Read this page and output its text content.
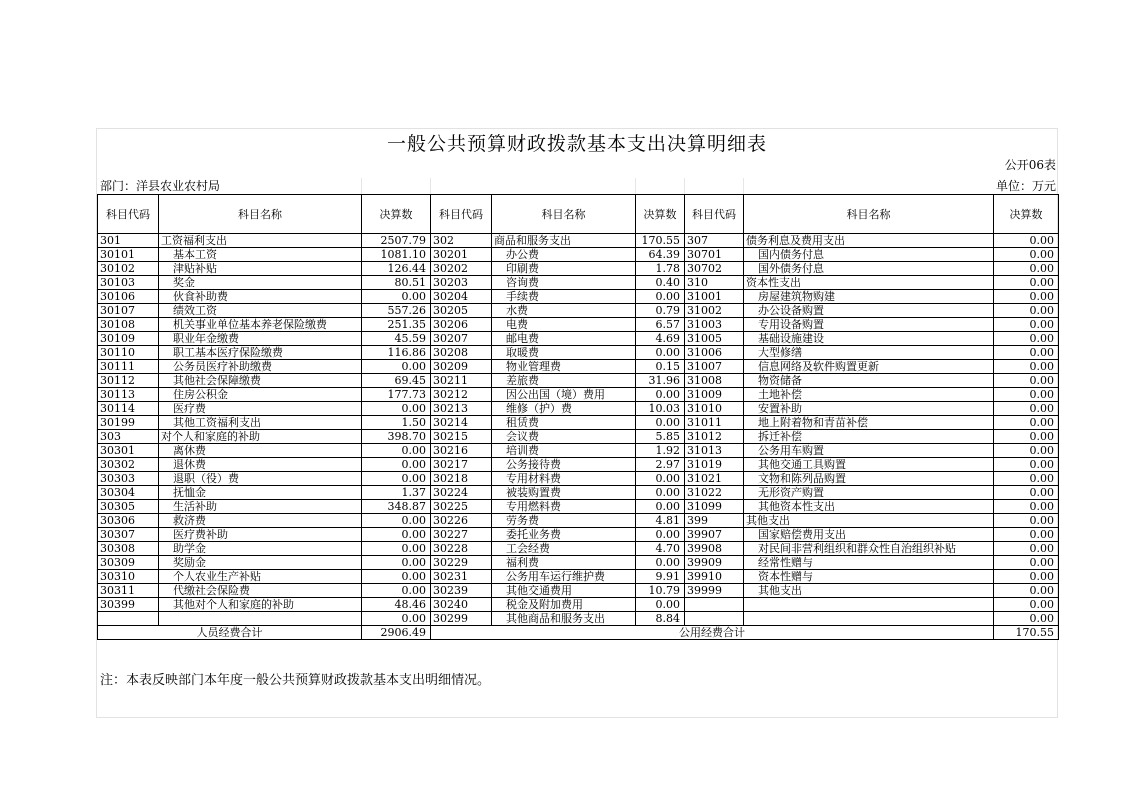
一般公共预算财政拨款基本支出决算明细表
公开06表
部门：洋县农业农村局	单位：万元
科目代码	科目名称	决算数	科目代码	科目名称	决算数	科目代码	科目名称	决算数
301	工资福利支出	2507.79	302	商品和服务支出	170.55	307	债务利息及费用支出	0.00
30101	基本工资	1081.10	30201	办公费	64.39	30701	国内债务付息	0.00
30102	津贴补贴	126.44	30202	印刷费	1.78	30702	国外债务付息	0.00
30103	奖金	80.51	30203	咨询费	0.40	310	资本性支出	0.00
30106	伙食补助费	0.00	30204	手续费	0.00	31001	房屋建筑物购建	0.00
30107	绩效工资	557.26	30205	水费	0.79	31002	办公设备购置	0.00
30108	机关事业单位基本养老保险缴费	251.35	30206	电费	6.57	31003	专用设备购置	0.00
30109	职业年金缴费	45.59	30207	邮电费	4.69	31005	基础设施建设	0.00
30110	职工基本医疗保险缴费	116.86	30208	取暖费	0.00	31006	大型修缮	0.00
30111	公务员医疗补助缴费	0.00	30209	物业管理费	0.15	31007	信息网络及软件购置更新	0.00
30112	其他社会保障缴费	69.45	30211	差旅费	31.96	31008	物资储备	0.00
30113	住房公积金	177.73	30212	因公出国（境）费用	0.00	31009	土地补偿	0.00
30114	医疗费	0.00	30213	维修（护）费	10.03	31010	安置补助	0.00
30199	其他工资福利支出	1.50	30214	租赁费	0.00	31011	地上附着物和青苗补偿	0.00
303	对个人和家庭的补助	398.70	30215	会议费	5.85	31012	拆迁补偿	0.00
30301	离休费	0.00	30216	培训费	1.92	31013	公务用车购置	0.00
30302	退休费	0.00	30217	公务接待费	2.97	31019	其他交通工具购置	0.00
30303	退职（役）费	0.00	30218	专用材料费	0.00	31021	文物和陈列品购置	0.00
30304	抚恤金	1.37	30224	被装购置费	0.00	31022	无形资产购置	0.00
30305	生活补助	348.87	30225	专用燃料费	0.00	31099	其他资本性支出	0.00
30306	救济费	0.00	30226	劳务费	4.81	399	其他支出	0.00
30307	医疗费补助	0.00	30227	委托业务费	0.00	39907	国家赔偿费用支出	0.00
30308	助学金	0.00	30228	工会经费	4.70	39908	对民间非营利组织和群众性自治组织补贴	0.00
30309	奖励金	0.00	30229	福利费	0.00	39909	经常性赠与	0.00
30310	个人农业生产补贴	0.00	30231	公务用车运行维护费	9.91	39910	资本性赠与	0.00
30311	代缴社会保险费	0.00	30239	其他交通费用	10.79	39999	其他支出	0.00
30399	其他对个人和家庭的补助	48.46	30240	税金及附加费用	0.00			0.00
		0.00	30299	其他商品和服务支出	8.84			0.00
人员经费合计		2906.49	公用经费合计					170.55
注：本表反映部门本年度一般公共预算财政拨款基本支出明细情况。
